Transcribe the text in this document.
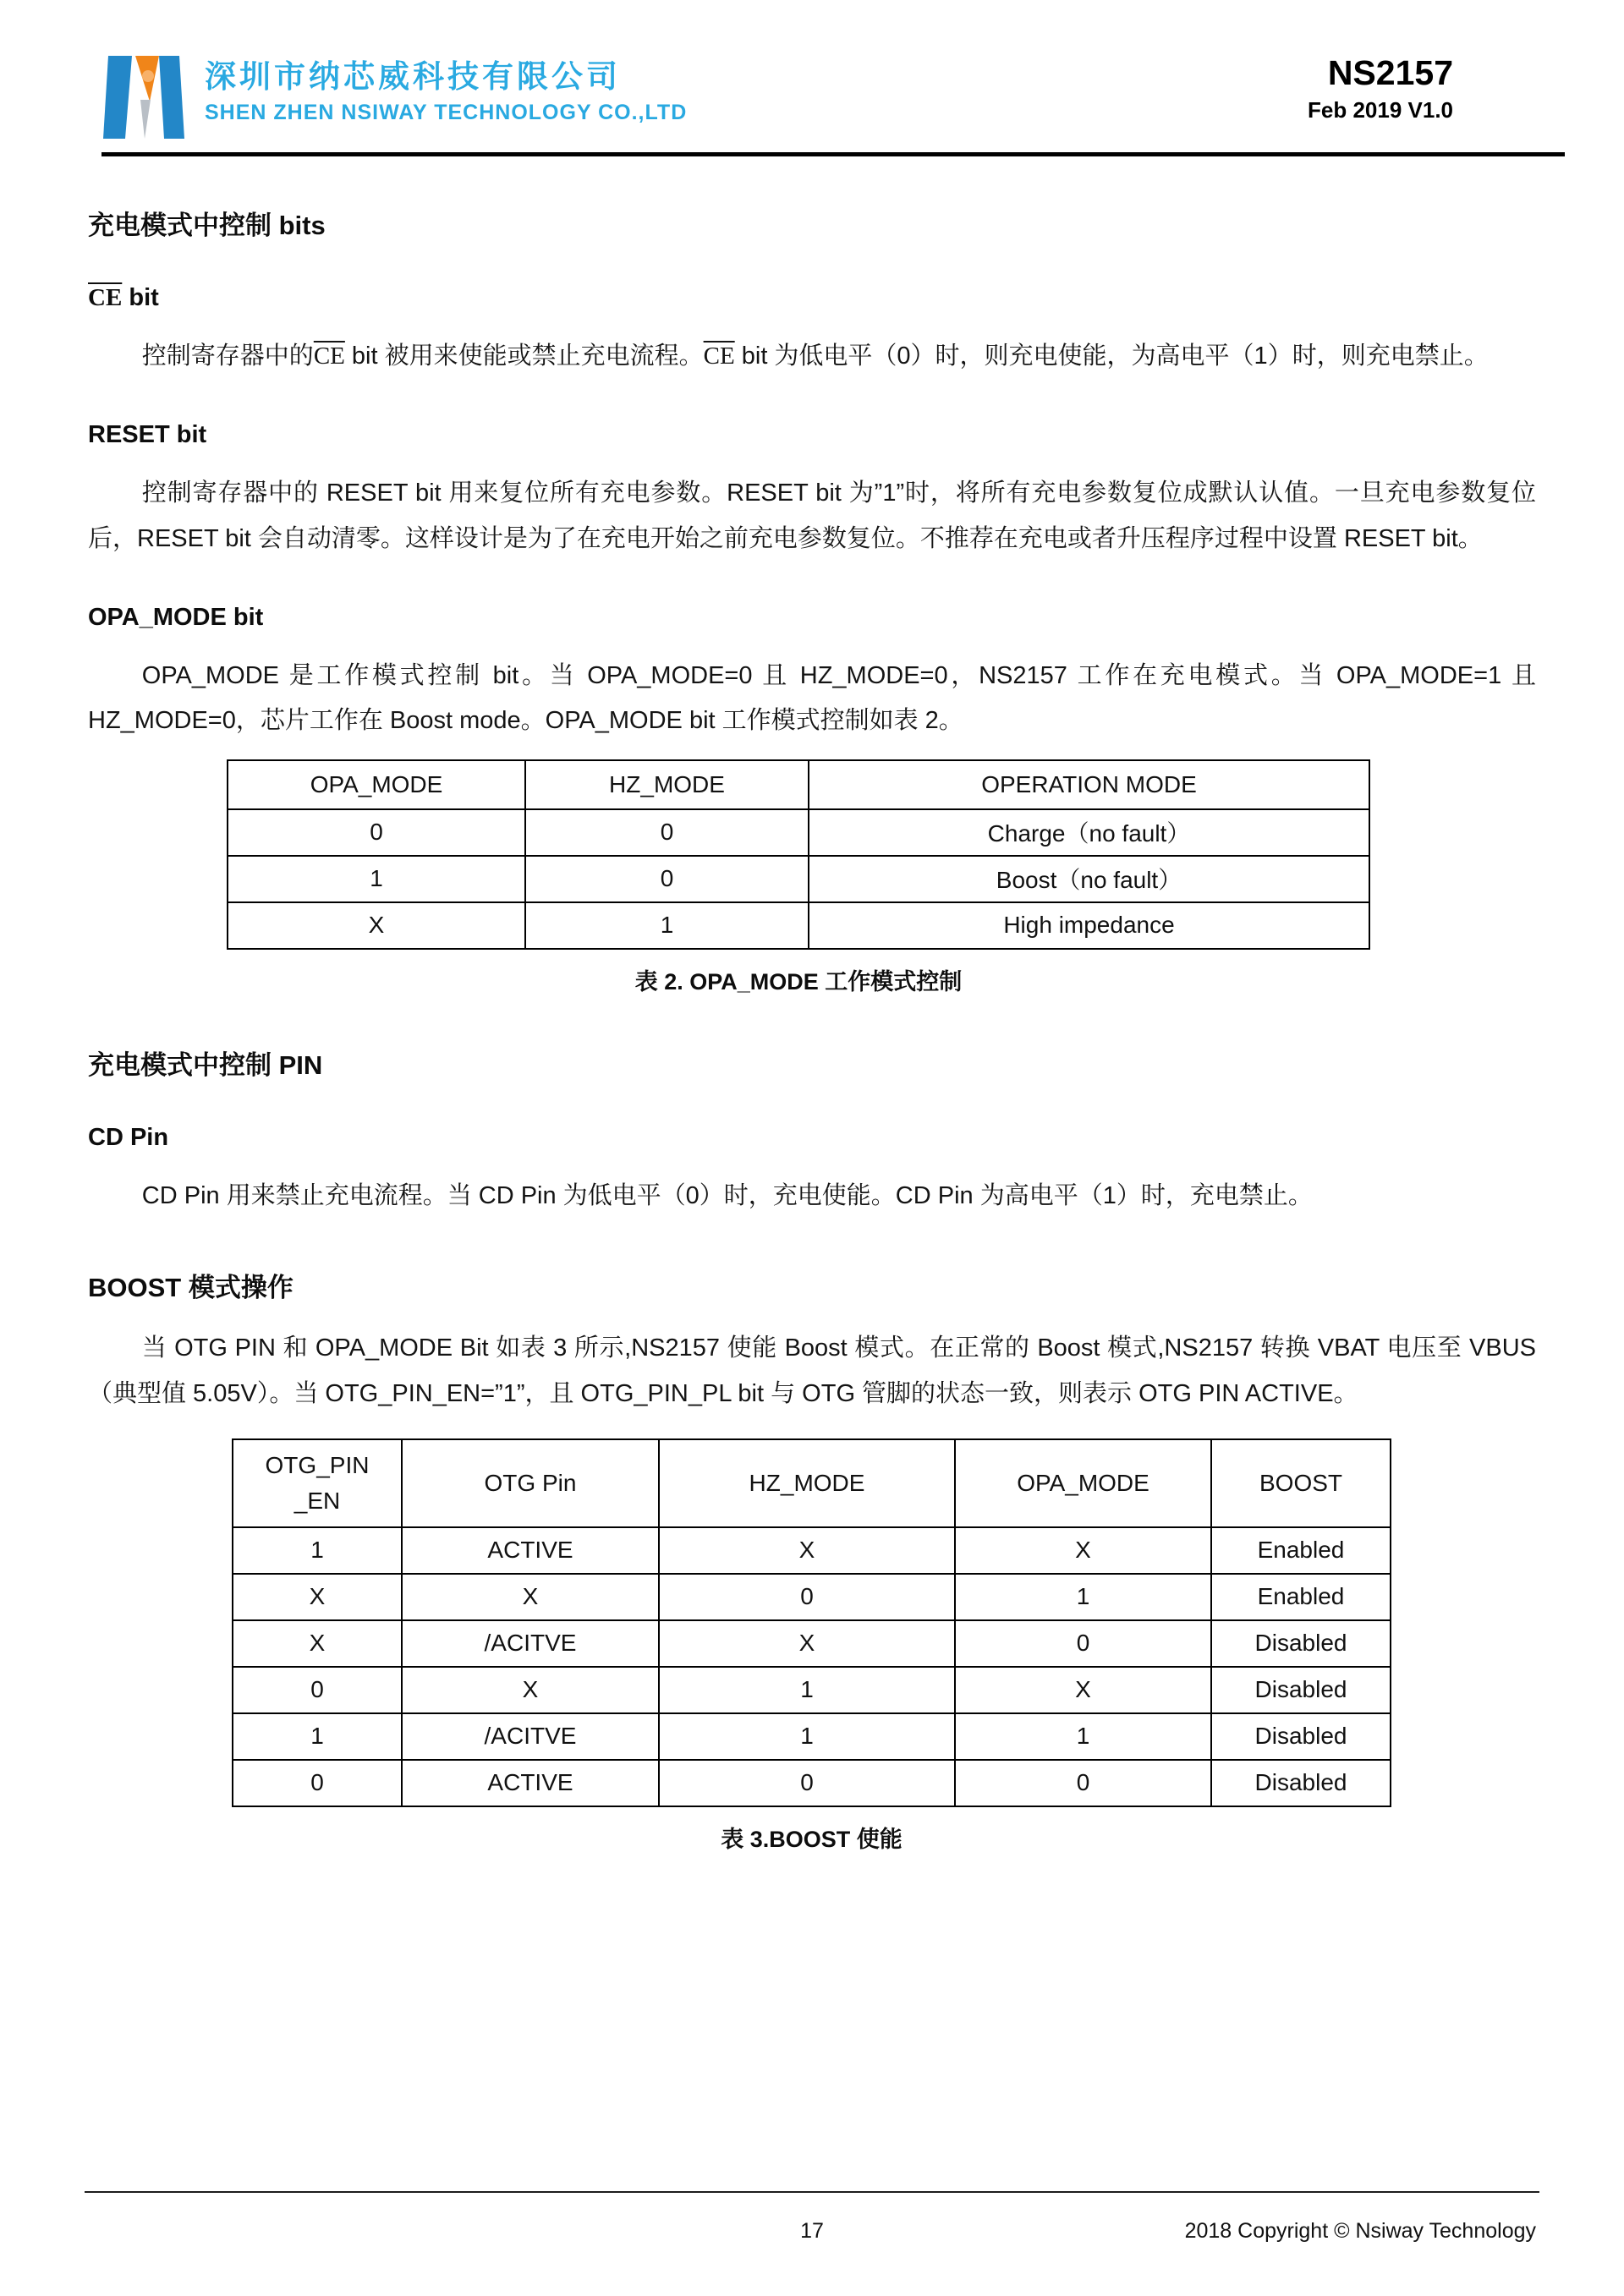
深圳市纳芯威科技有限公司
SHEN ZHEN NSIWAY TECHNOLOGY CO.,LTD
NS2157
Feb 2019 V1.0
充电模式中控制 bits
CE bit

控制寄存器中的$\overline{CE}$ bit 被用来使能或禁止充电流程。$\overline{CE}$ bit 为低电平（0）时，则充电使能，为高电平（1）时，则充电禁止。

RESET bit

控制寄存器中的 RESET bit 用来复位所有充电参数。RESET bit 为”1”时，将所有充电参数复位成默认认值。一旦充电参数复位后，RESET bit 会自动清零。这样设计是为了在充电开始之前充电参数复位。不推荐在充电或者升压程序过程中设置 RESET bit。

OPA_MODE bit

OPA_MODE 是工作模式控制 bit。当 OPA_MODE=0 且 HZ_MODE=0，NS2157 工作在充电模式。当 OPA_MODE=1 且 HZ_MODE=0，芯片工作在 Boost mode。OPA_MODE bit 工作模式控制如表 2。

OPA_MODE	HZ_MODE	OPERATION MODE
0	0	Charge（no fault）
1	0	Boost（no fault）
X	1	High impedance
表 2. OPA_MODE 工作模式控制
充电模式中控制 PIN
CD Pin

CD Pin 用来禁止充电流程。当 CD Pin 为低电平（0）时，充电使能。CD Pin 为高电平（1）时，充电禁止。

BOOST 模式操作

当 OTG PIN 和 OPA_MODE Bit 如表 3 所示,NS2157 使能 Boost 模式。在正常的 Boost 模式,NS2157 转换 VBAT 电压至 VBUS（典型值 5.05V）。当 OTG_PIN_EN=”1”，且 OTG_PIN_PL bit 与 OTG 管脚的状态一致，则表示 OTG PIN ACTIVE。

OTG_PIN
_EN	OTG Pin	HZ_MODE	OPA_MODE	BOOST
1	ACTIVE	X	X	Enabled
X	X	0	1	Enabled
X	/ACITVE	X	0	Disabled
0	X	1	X	Disabled
1	/ACITVE	1	1	Disabled
0	ACTIVE	0	0	Disabled
表 3.BOOST 使能
17	2018 Copyright © Nsiway Technology
